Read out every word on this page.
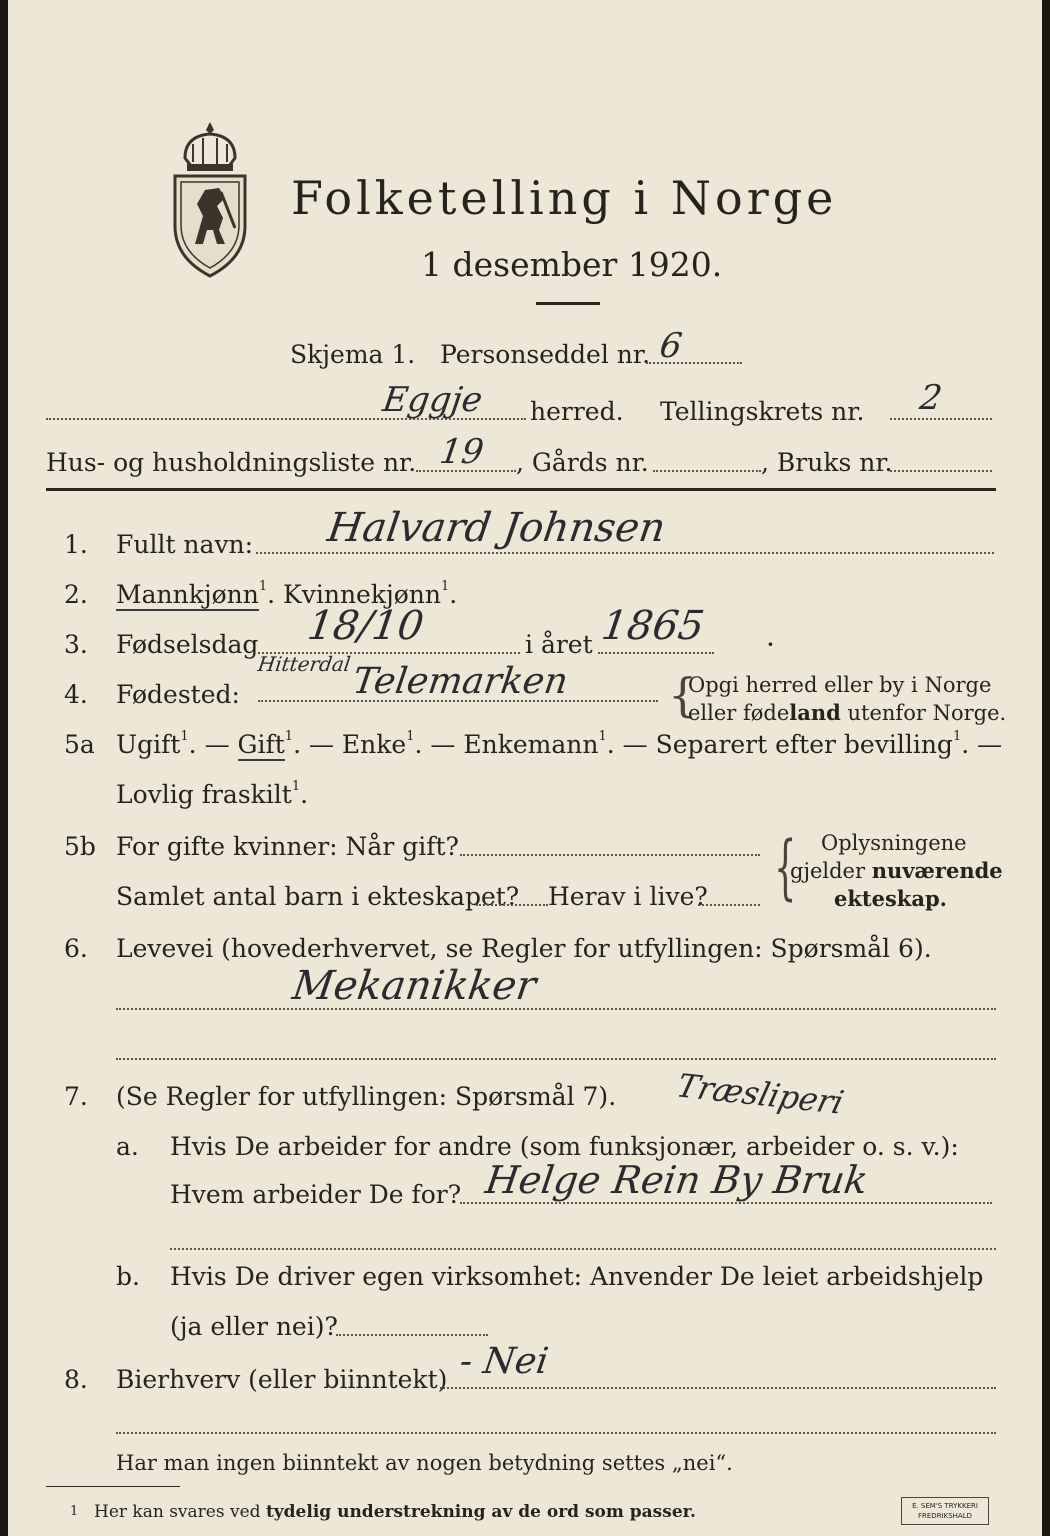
Folketelling i Norge
1 desember 1920.
Skjema 1. Personseddel nr. 6
Eggje herred. Tellingskrets nr. 2
Hus- og husholdningsliste nr. 19 , Gårds nr.	, Bruks nr.
1. Fullt navn: Halvard Johnsen
2. Mannkjønn$^1$. Kvinnekjønn$^1$.
3. Fødselsdag 18/10	i året 1865 ·
4. Fødested:
Hitterdal
Telemarken {
Opgi herred eller by i Norge
eller fødeland utenfor Norge.
5a Ugift$^1$. — Gift$^1$. — Enke$^1$. — Enkemann$^1$. — Separert efter bevilling$^1$. —
Lovlig fraskilt$^1$.
5b For gifte kvinner: Når gift?
Samlet antal barn i ekteskapet? Herav i live? { Oplysningene
gjelder nuværende
ekteskap.
6. Levevei (hovederhvervet, se Regler for utfyllingen: Spørsmål 6).
Mekanikker
7. (Se Regler for utfyllingen: Spørsmål 7). Træsliperi
a. Hvis De arbeider for andre (som funksjonær, arbeider o. s. v.):
Hvem arbeider De for? Helge Rein By Bruk
b. Hvis De driver egen virksomhet: Anvender De leiet arbeidshjelp
(ja eller nei)?
8. Bierhverv (eller biinntekt) - Nei
Har man ingen biinntekt av nogen betydning settes „nei“.
1 Her kan svares ved tydelig understrekning av de ord som passer.	E. SEM'S TRYKKERI
FREDRIKSHALD
